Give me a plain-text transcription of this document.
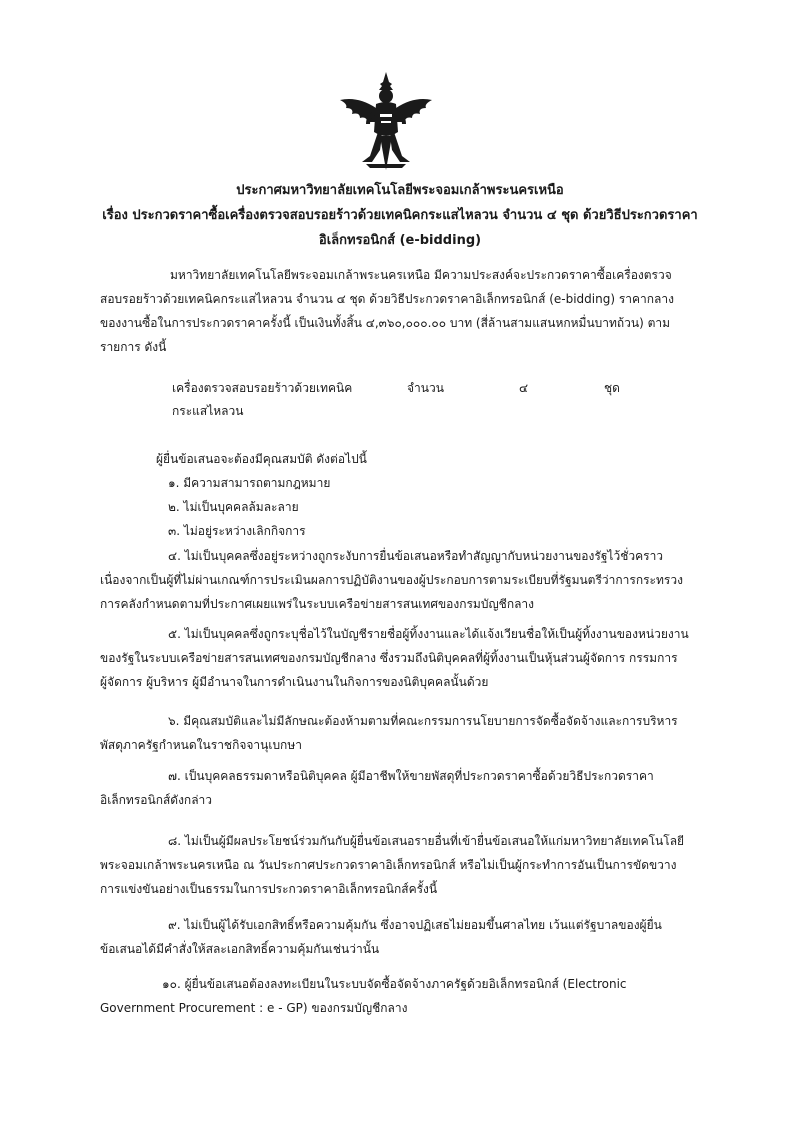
ประกาศมหาวิทยาลัยเทคโนโลยีพระจอมเกล้าพระนครเหนือ
เรื่อง ประกวดราคาซื้อเครื่องตรวจสอบรอยร้าวด้วยเทคนิคกระแสไหลวน จำนวน ๔ ชุด ด้วยวิธีประกวดราคา
อิเล็กทรอนิกส์ (e-bidding)
มหาวิทยาลัยเทคโนโลยีพระจอมเกล้าพระนครเหนือ มีความประสงค์จะประกวดราคาซื้อเครื่องตรวจ
สอบรอยร้าวด้วยเทคนิคกระแสไหลวน จำนวน ๔ ชุด ด้วยวิธีประกวดราคาอิเล็กทรอนิกส์ (e-bidding) ราคากลาง
ของงานซื้อในการประกวดราคาครั้งนี้ เป็นเงินทั้งสิ้น ๔,๓๖๐,๐๐๐.๐๐ บาท (สี่ล้านสามแสนหกหมื่นบาทถ้วน) ตาม
รายการ ดังนี้
เครื่องตรวจสอบรอยร้าวด้วยเทคนิค
กระแสไหลวน
จำนวน	๔	ชุด
ผู้ยื่นข้อเสนอจะต้องมีคุณสมบัติ ดังต่อไปนี้
๑. มีความสามารถตามกฎหมาย
๒. ไม่เป็นบุคคลล้มละลาย
๓. ไม่อยู่ระหว่างเลิกกิจการ
๔. ไม่เป็นบุคคลซึ่งอยู่ระหว่างถูกระงับการยื่นข้อเสนอหรือทำสัญญากับหน่วยงานของรัฐไว้ชั่วคราว
เนื่องจากเป็นผู้ที่ไม่ผ่านเกณฑ์การประเมินผลการปฏิบัติงานของผู้ประกอบการตามระเบียบที่รัฐมนตรีว่าการกระทรวง
การคลังกำหนดตามที่ประกาศเผยแพร่ในระบบเครือข่ายสารสนเทศของกรมบัญชีกลาง
๕. ไม่เป็นบุคคลซึ่งถูกระบุชื่อไว้ในบัญชีรายชื่อผู้ทิ้งงานและได้แจ้งเวียนชื่อให้เป็นผู้ทิ้งงานของหน่วยงาน
ของรัฐในระบบเครือข่ายสารสนเทศของกรมบัญชีกลาง ซึ่งรวมถึงนิติบุคคลที่ผู้ทิ้งงานเป็นหุ้นส่วนผู้จัดการ กรรมการ
ผู้จัดการ ผู้บริหาร ผู้มีอำนาจในการดำเนินงานในกิจการของนิติบุคคลนั้นด้วย
๖. มีคุณสมบัติและไม่มีลักษณะต้องห้ามตามที่คณะกรรมการนโยบายการจัดซื้อจัดจ้างและการบริหาร
พัสดุภาครัฐกำหนดในราชกิจจานุเบกษา
๗. เป็นบุคคลธรรมดาหรือนิติบุคคล ผู้มีอาชีพให้ขายพัสดุที่ประกวดราคาซื้อด้วยวิธีประกวดราคา
อิเล็กทรอนิกส์ดังกล่าว
๘. ไม่เป็นผู้มีผลประโยชน์ร่วมกันกับผู้ยื่นข้อเสนอรายอื่นที่เข้ายื่นข้อเสนอให้แก่มหาวิทยาลัยเทคโนโลยี
พระจอมเกล้าพระนครเหนือ ณ วันประกาศประกวดราคาอิเล็กทรอนิกส์ หรือไม่เป็นผู้กระทำการอันเป็นการขัดขวาง
การแข่งขันอย่างเป็นธรรมในการประกวดราคาอิเล็กทรอนิกส์ครั้งนี้
๙. ไม่เป็นผู้ได้รับเอกสิทธิ์หรือความคุ้มกัน ซึ่งอาจปฏิเสธไม่ยอมขึ้นศาลไทย เว้นแต่รัฐบาลของผู้ยื่น
ข้อเสนอได้มีคำสั่งให้สละเอกสิทธิ์ความคุ้มกันเช่นว่านั้น
๑๐. ผู้ยื่นข้อเสนอต้องลงทะเบียนในระบบจัดซื้อจัดจ้างภาครัฐด้วยอิเล็กทรอนิกส์ (Electronic
Government Procurement : e - GP) ของกรมบัญชีกลาง
